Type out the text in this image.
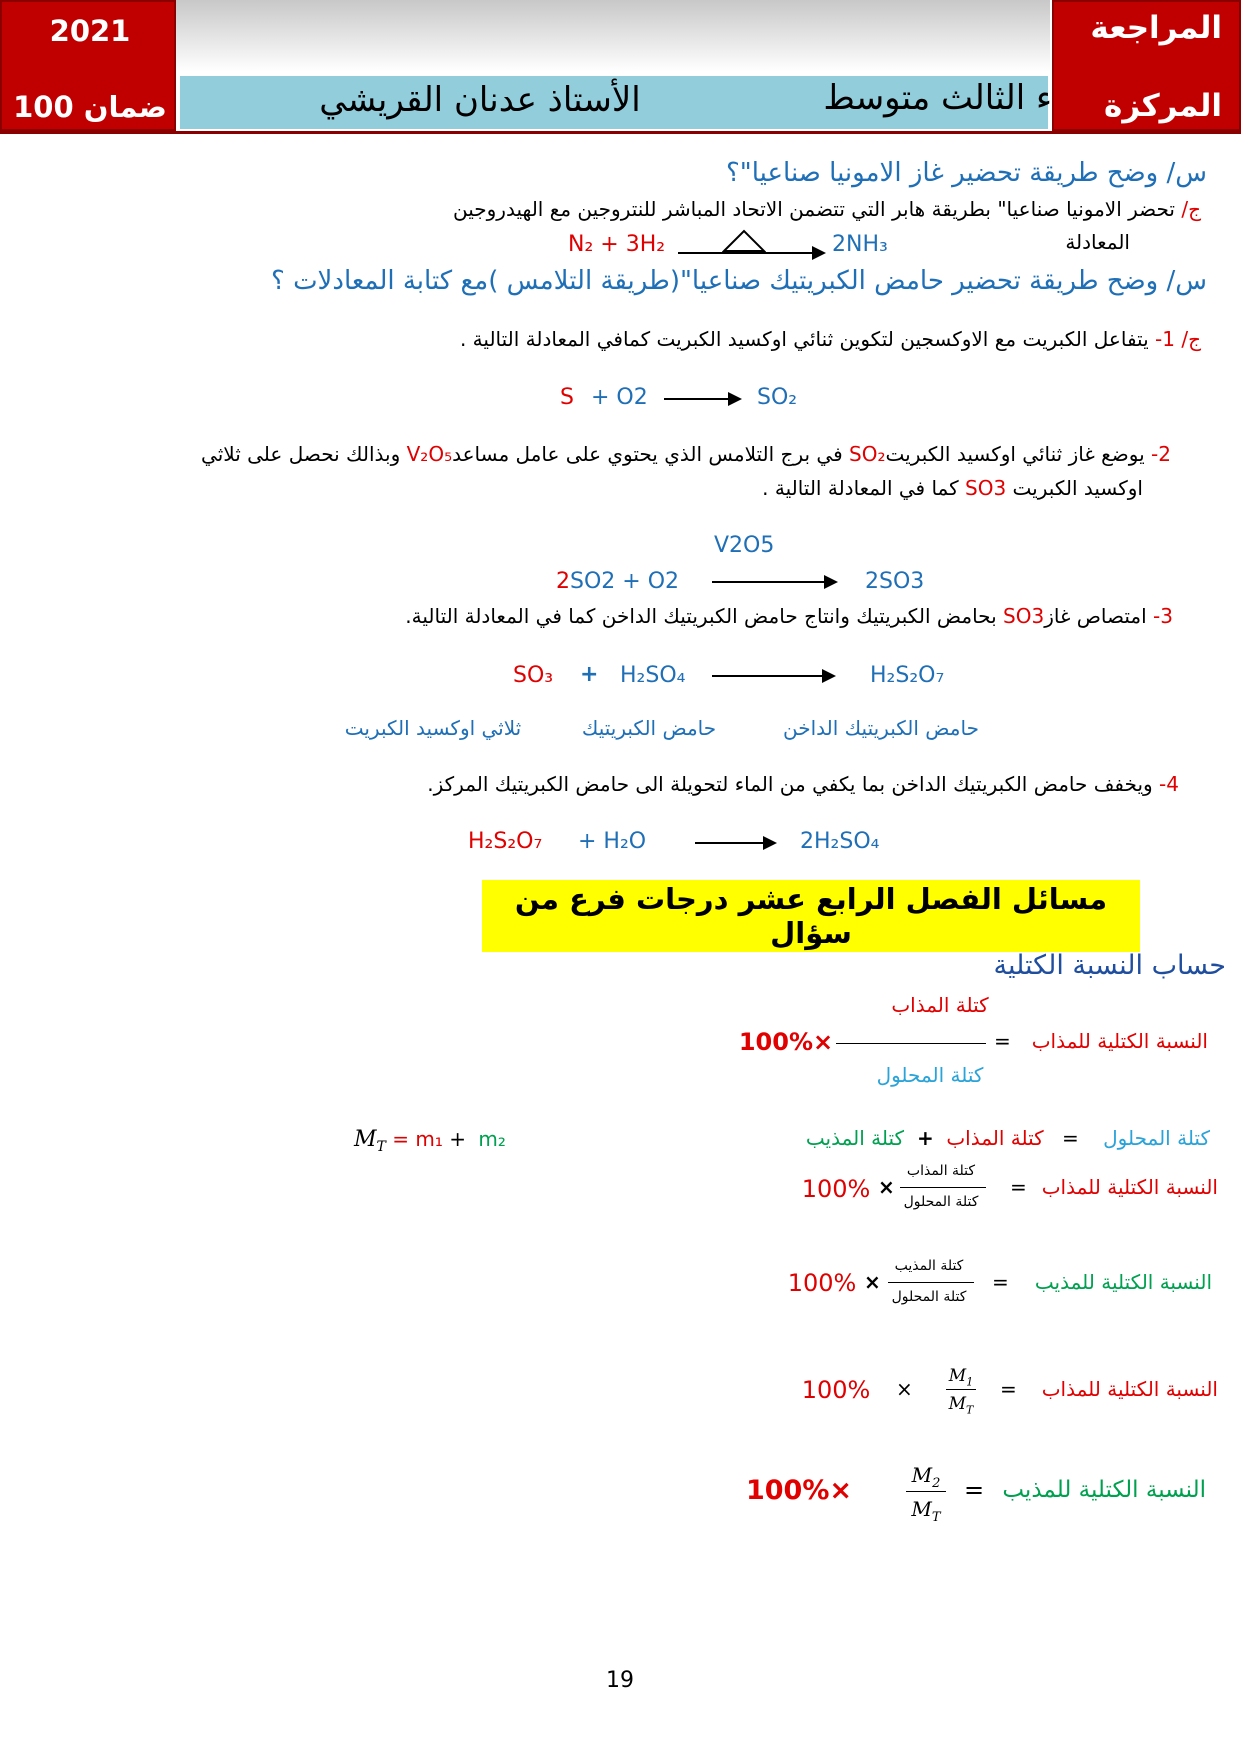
2021
ضمان 100
المراجعة
المركزة
الأستاذ عدنان القريشي	ء الثالث متوسط
س/ وضح طريقة تحضير غاز الامونيا صناعيا"؟
ج/ تحضر الامونيا صناعيا" بطريقة هابر التي تتضمن الاتحاد المباشر للنتروجين مع الهيدروجين
المعادلة
N₂ + 3H₂	2NH₃
س/ وضح طريقة تحضير حامض الكبريتيك صناعيا"(طريقة التلامس )مع كتابة المعادلات ؟
ج/ 1- يتفاعل الكبريت مع الاوكسجين لتكوين ثنائي اوكسيد الكبريت كمافي المعادلة التالية .
S + O2	SO₂
2- يوضع غاز ثنائي اوكسيد الكبريتSO₂ في برج التلامس الذي يحتوي على عامل مساعدV₂O₅ وبذالك نحصل على ثلاثي
اوكسيد الكبريت SO3 كما في المعادلة التالية .
V2O5
2SO2 + O2	2SO3
3- امتصاص غازSO3 بحامض الكبريتيك وانتاج حامض الكبريتيك الداخن كما في المعادلة التالية.
SO₃ + H₂SO₄	H₂S₂O₇
ثلاثي اوكسيد الكبريت	حامض الكبريتيك	حامض الكبريتيك الداخن
4- ويخفف حامض الكبريتيك الداخن بما يكفي من الماء لتحويلة الى حامض الكبريتيك المركز.
H₂S₂O₇ + H₂O	2H₂SO₄
مسائل الفصل الرابع عشر درجات فرع من سؤال
حساب النسبة الكتلية
النسبة الكتلية للمذاب
=
كتلة المذاب
كتلة المحلول
×100%
كتلة المحلول
=
كتلة المذاب
+
كتلة المذيب
$M_T = m_1 + m_2$
النسبة الكتلية للمذاب
=
كتلة المذاب
كتلة المحلول
×
100%
النسبة الكتلية للمذيب
=
كتلة المذيب
كتلة المحلول
×
100%
النسبة الكتلية للمذاب
=
$M_1$
$M_T$
×
100%
النسبة الكتلية للمذيب
=
$M_2$
$M_T$
×100%
19
